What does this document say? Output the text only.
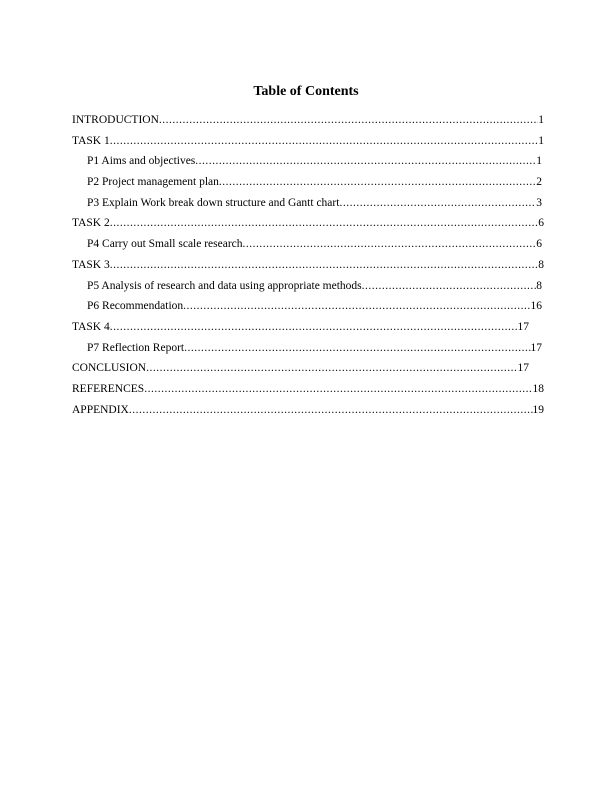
Table of Contents
INTRODUCTION .....	1
TASK 1 .....	1
P1 Aims and objectives .....	1
P2 Project management plan .....	2
P3 Explain Work break down structure and Gantt chart .....	3
TASK 2 .....	6
P4 Carry out Small scale research .....	6
TASK 3 .....	8
P5 Analysis of research and data using appropriate methods .....	8
P6 Recommendation .....	16
TASK 4 .....	17
P7 Reflection Report .....	17
CONCLUSION .....	17
REFERENCES .....	18
APPENDIX .....	19
